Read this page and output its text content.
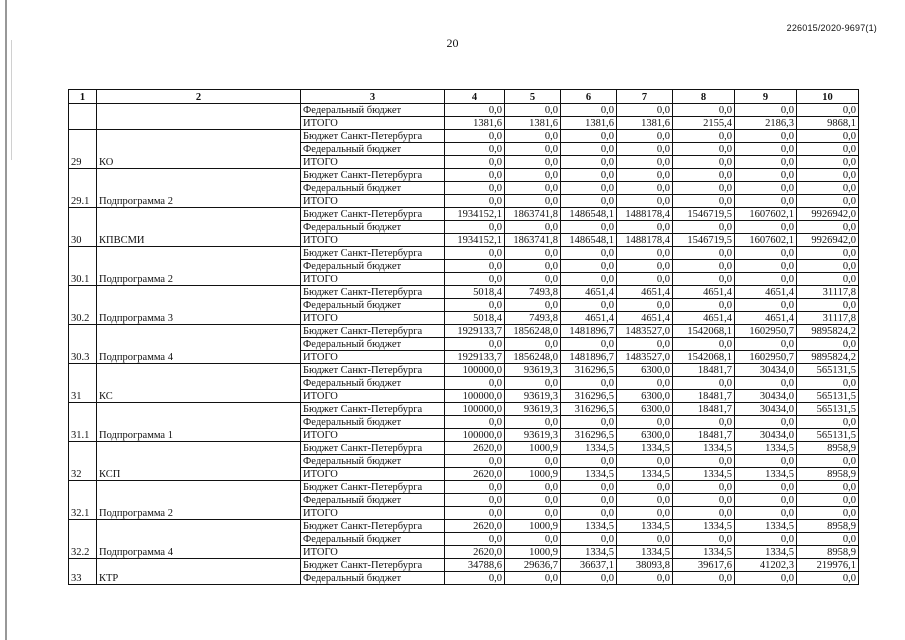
226015/2020-9697(1)
20
1	2	3	4	5	6	7	8	9	10
		Федеральный бюджет	0,0	0,0	0,0	0,0	0,0	0,0	0,0
		ИТОГО	1381,6	1381,6	1381,6	1381,6	2155,4	2186,3	9868,1
29	КО	Бюджет Санкт-Петербурга	0,0	0,0	0,0	0,0	0,0	0,0	0,0
		Федеральный бюджет	0,0	0,0	0,0	0,0	0,0	0,0	0,0
		ИТОГО	0,0	0,0	0,0	0,0	0,0	0,0	0,0
29.1	Подпрограмма 2	Бюджет Санкт-Петербурга	0,0	0,0	0,0	0,0	0,0	0,0	0,0
		Федеральный бюджет	0,0	0,0	0,0	0,0	0,0	0,0	0,0
		ИТОГО	0,0	0,0	0,0	0,0	0,0	0,0	0,0
30	КПВСМИ	Бюджет Санкт-Петербурга	1934152,1	1863741,8	1486548,1	1488178,4	1546719,5	1607602,1	9926942,0
		Федеральный бюджет	0,0	0,0	0,0	0,0	0,0	0,0	0,0
		ИТОГО	1934152,1	1863741,8	1486548,1	1488178,4	1546719,5	1607602,1	9926942,0
30.1	Подпрограмма 2	Бюджет Санкт-Петербурга	0,0	0,0	0,0	0,0	0,0	0,0	0,0
		Федеральный бюджет	0,0	0,0	0,0	0,0	0,0	0,0	0,0
		ИТОГО	0,0	0,0	0,0	0,0	0,0	0,0	0,0
30.2	Подпрограмма 3	Бюджет Санкт-Петербурга	5018,4	7493,8	4651,4	4651,4	4651,4	4651,4	31117,8
		Федеральный бюджет	0,0	0,0	0,0	0,0	0,0	0,0	0,0
		ИТОГО	5018,4	7493,8	4651,4	4651,4	4651,4	4651,4	31117,8
30.3	Подпрограмма 4	Бюджет Санкт-Петербурга	1929133,7	1856248,0	1481896,7	1483527,0	1542068,1	1602950,7	9895824,2
		Федеральный бюджет	0,0	0,0	0,0	0,0	0,0	0,0	0,0
		ИТОГО	1929133,7	1856248,0	1481896,7	1483527,0	1542068,1	1602950,7	9895824,2
31	КС	Бюджет Санкт-Петербурга	100000,0	93619,3	316296,5	6300,0	18481,7	30434,0	565131,5
		Федеральный бюджет	0,0	0,0	0,0	0,0	0,0	0,0	0,0
		ИТОГО	100000,0	93619,3	316296,5	6300,0	18481,7	30434,0	565131,5
31.1	Подпрограмма 1	Бюджет Санкт-Петербурга	100000,0	93619,3	316296,5	6300,0	18481,7	30434,0	565131,5
		Федеральный бюджет	0,0	0,0	0,0	0,0	0,0	0,0	0,0
		ИТОГО	100000,0	93619,3	316296,5	6300,0	18481,7	30434,0	565131,5
32	КСП	Бюджет Санкт-Петербурга	2620,0	1000,9	1334,5	1334,5	1334,5	1334,5	8958,9
		Федеральный бюджет	0,0	0,0	0,0	0,0	0,0	0,0	0,0
		ИТОГО	2620,0	1000,9	1334,5	1334,5	1334,5	1334,5	8958,9
32.1	Подпрограмма 2	Бюджет Санкт-Петербурга	0,0	0,0	0,0	0,0	0,0	0,0	0,0
		Федеральный бюджет	0,0	0,0	0,0	0,0	0,0	0,0	0,0
		ИТОГО	0,0	0,0	0,0	0,0	0,0	0,0	0,0
32.2	Подпрограмма 4	Бюджет Санкт-Петербурга	2620,0	1000,9	1334,5	1334,5	1334,5	1334,5	8958,9
		Федеральный бюджет	0,0	0,0	0,0	0,0	0,0	0,0	0,0
		ИТОГО	2620,0	1000,9	1334,5	1334,5	1334,5	1334,5	8958,9
33	КТР	Бюджет Санкт-Петербурга	34788,6	29636,7	36637,1	38093,8	39617,6	41202,3	219976,1
		Федеральный бюджет	0,0	0,0	0,0	0,0	0,0	0,0	0,0
